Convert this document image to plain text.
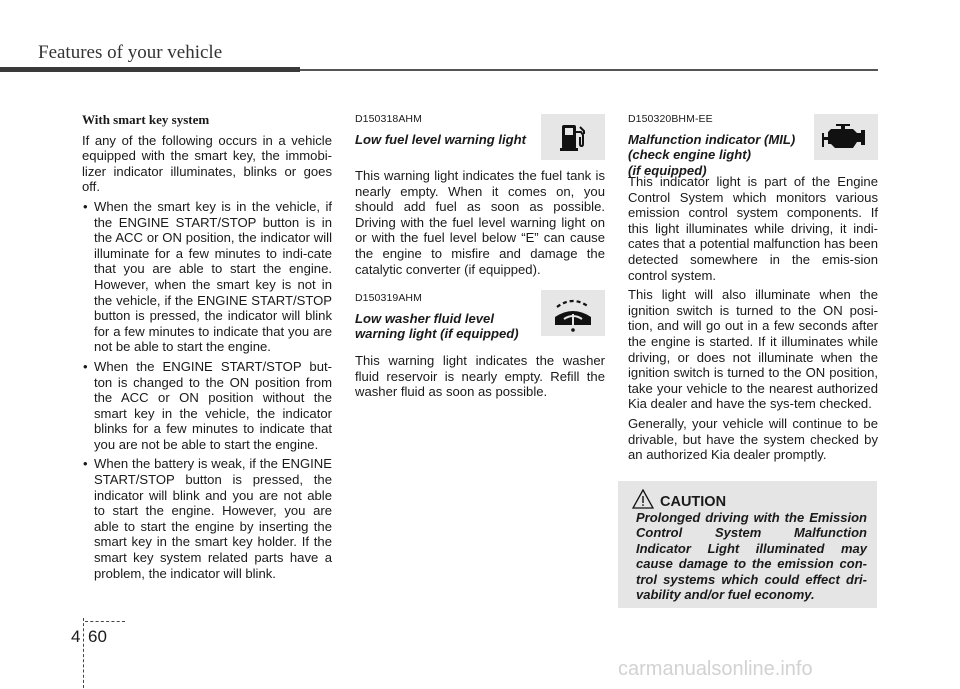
Features of your vehicle

With smart key system

If any of the following occurs in a vehicle equipped with the smart key, the immobi-lizer indicator illuminates, blinks or goes off.

• When the smart key is in the vehicle, if the ENGINE START/STOP button is in the ACC or ON position, the indicator will illuminate for a few minutes to indi-cate that you are able to start the engine. However, when the smart key is not in the vehicle, if the ENGINE START/STOP button is pressed, the indicator will blink for a few minutes to indicate that you are not be able to start the engine.
• When the ENGINE START/STOP but-ton is changed to the ON position from the ACC or ON position without the smart key in the vehicle, the indicator blinks for a few minutes to indicate that you are not be able to start the engine.
• When the battery is weak, if the ENGINE START/STOP button is pressed, the indicator will blink and you are not able to start the engine. However, you are able to start the engine by inserting the smart key in the smart key holder. If the smart key system related parts have a problem, the indicator will blink.
D150318AHM
Low fuel level warning light

This warning light indicates the fuel tank is nearly empty. When it comes on, you should add fuel as soon as possible. Driving with the fuel level warning light on or with the fuel level below “E” can cause the engine to misfire and damage the catalytic converter (if equipped).

D150319AHM
Low washer fluid level
warning light (if equipped)

This warning light indicates the washer fluid reservoir is nearly empty. Refill the washer fluid as soon as possible.

D150320BHM-EE
Malfunction indicator (MIL)
(check engine light)
(if equipped)

This indicator light is part of the Engine Control System which monitors various emission control system components. If this light illuminates while driving, it indi-cates that a potential malfunction has been detected somewhere in the emis-sion control system.

This light will also illuminate when the ignition switch is turned to the ON posi-tion, and will go out in a few seconds after the engine is started. If it illuminates while driving, or does not illuminate when the ignition switch is turned to the ON position, take your vehicle to the nearest authorized Kia dealer and have the sys-tem checked.

Generally, your vehicle will continue to be drivable, but have the system checked by an authorized Kia dealer promptly.

CAUTION
Prolonged driving with the Emission Control System Malfunction Indicator Light illuminated may cause damage to the emission con-trol systems which could effect dri-vability and/or fuel economy.
4 60
carmanualsonline.info
